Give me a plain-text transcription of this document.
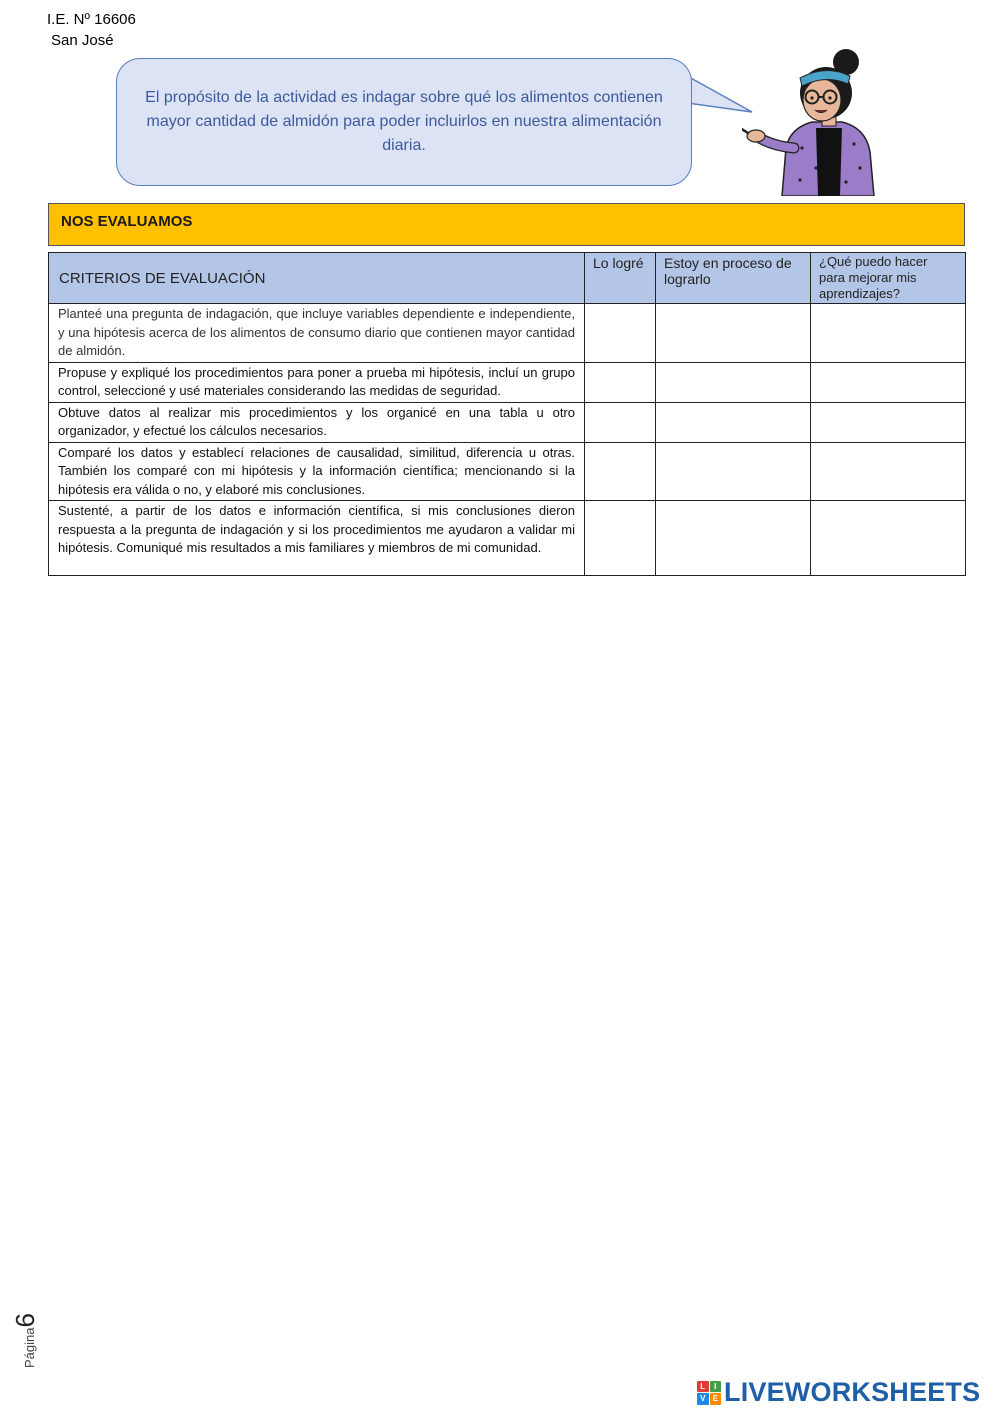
I.E. Nº 16606
San José
El propósito de la actividad es indagar sobre qué los alimentos contienen mayor cantidad de almidón para poder incluirlos en nuestra alimentación diaria.
NOS EVALUAMOS
CRITERIOS DE EVALUACIÓN	Lo logré	Estoy en proceso de lograrlo	¿Qué puedo hacer para mejorar mis aprendizajes?
Planteé una pregunta de indagación, que incluye variables dependiente e independiente, y una hipótesis acerca de los alimentos de consumo diario que contienen mayor cantidad de almidón.			
Propuse y expliqué los procedimientos para poner a prueba mi hipótesis, incluí un grupo control, seleccioné y usé materiales considerando las medidas de seguridad.			
Obtuve datos al realizar mis procedimientos y los organicé en una tabla u otro organizador, y efectué los cálculos necesarios.			
Comparé los datos y establecí relaciones de causalidad, similitud, diferencia u otras. También los comparé con mi hipótesis y la información científica; mencionando si la hipótesis era válida o no, y elaboré mis conclusiones.			
Sustenté, a partir de los datos e información científica, si mis conclusiones dieron respuesta a la pregunta de indagación y si los procedimientos me ayudaron a validar mi hipótesis. Comuniqué mis resultados a mis familiares y miembros de mi comunidad.			
Página6
L	I
V E LIVEWORKSHEETS
